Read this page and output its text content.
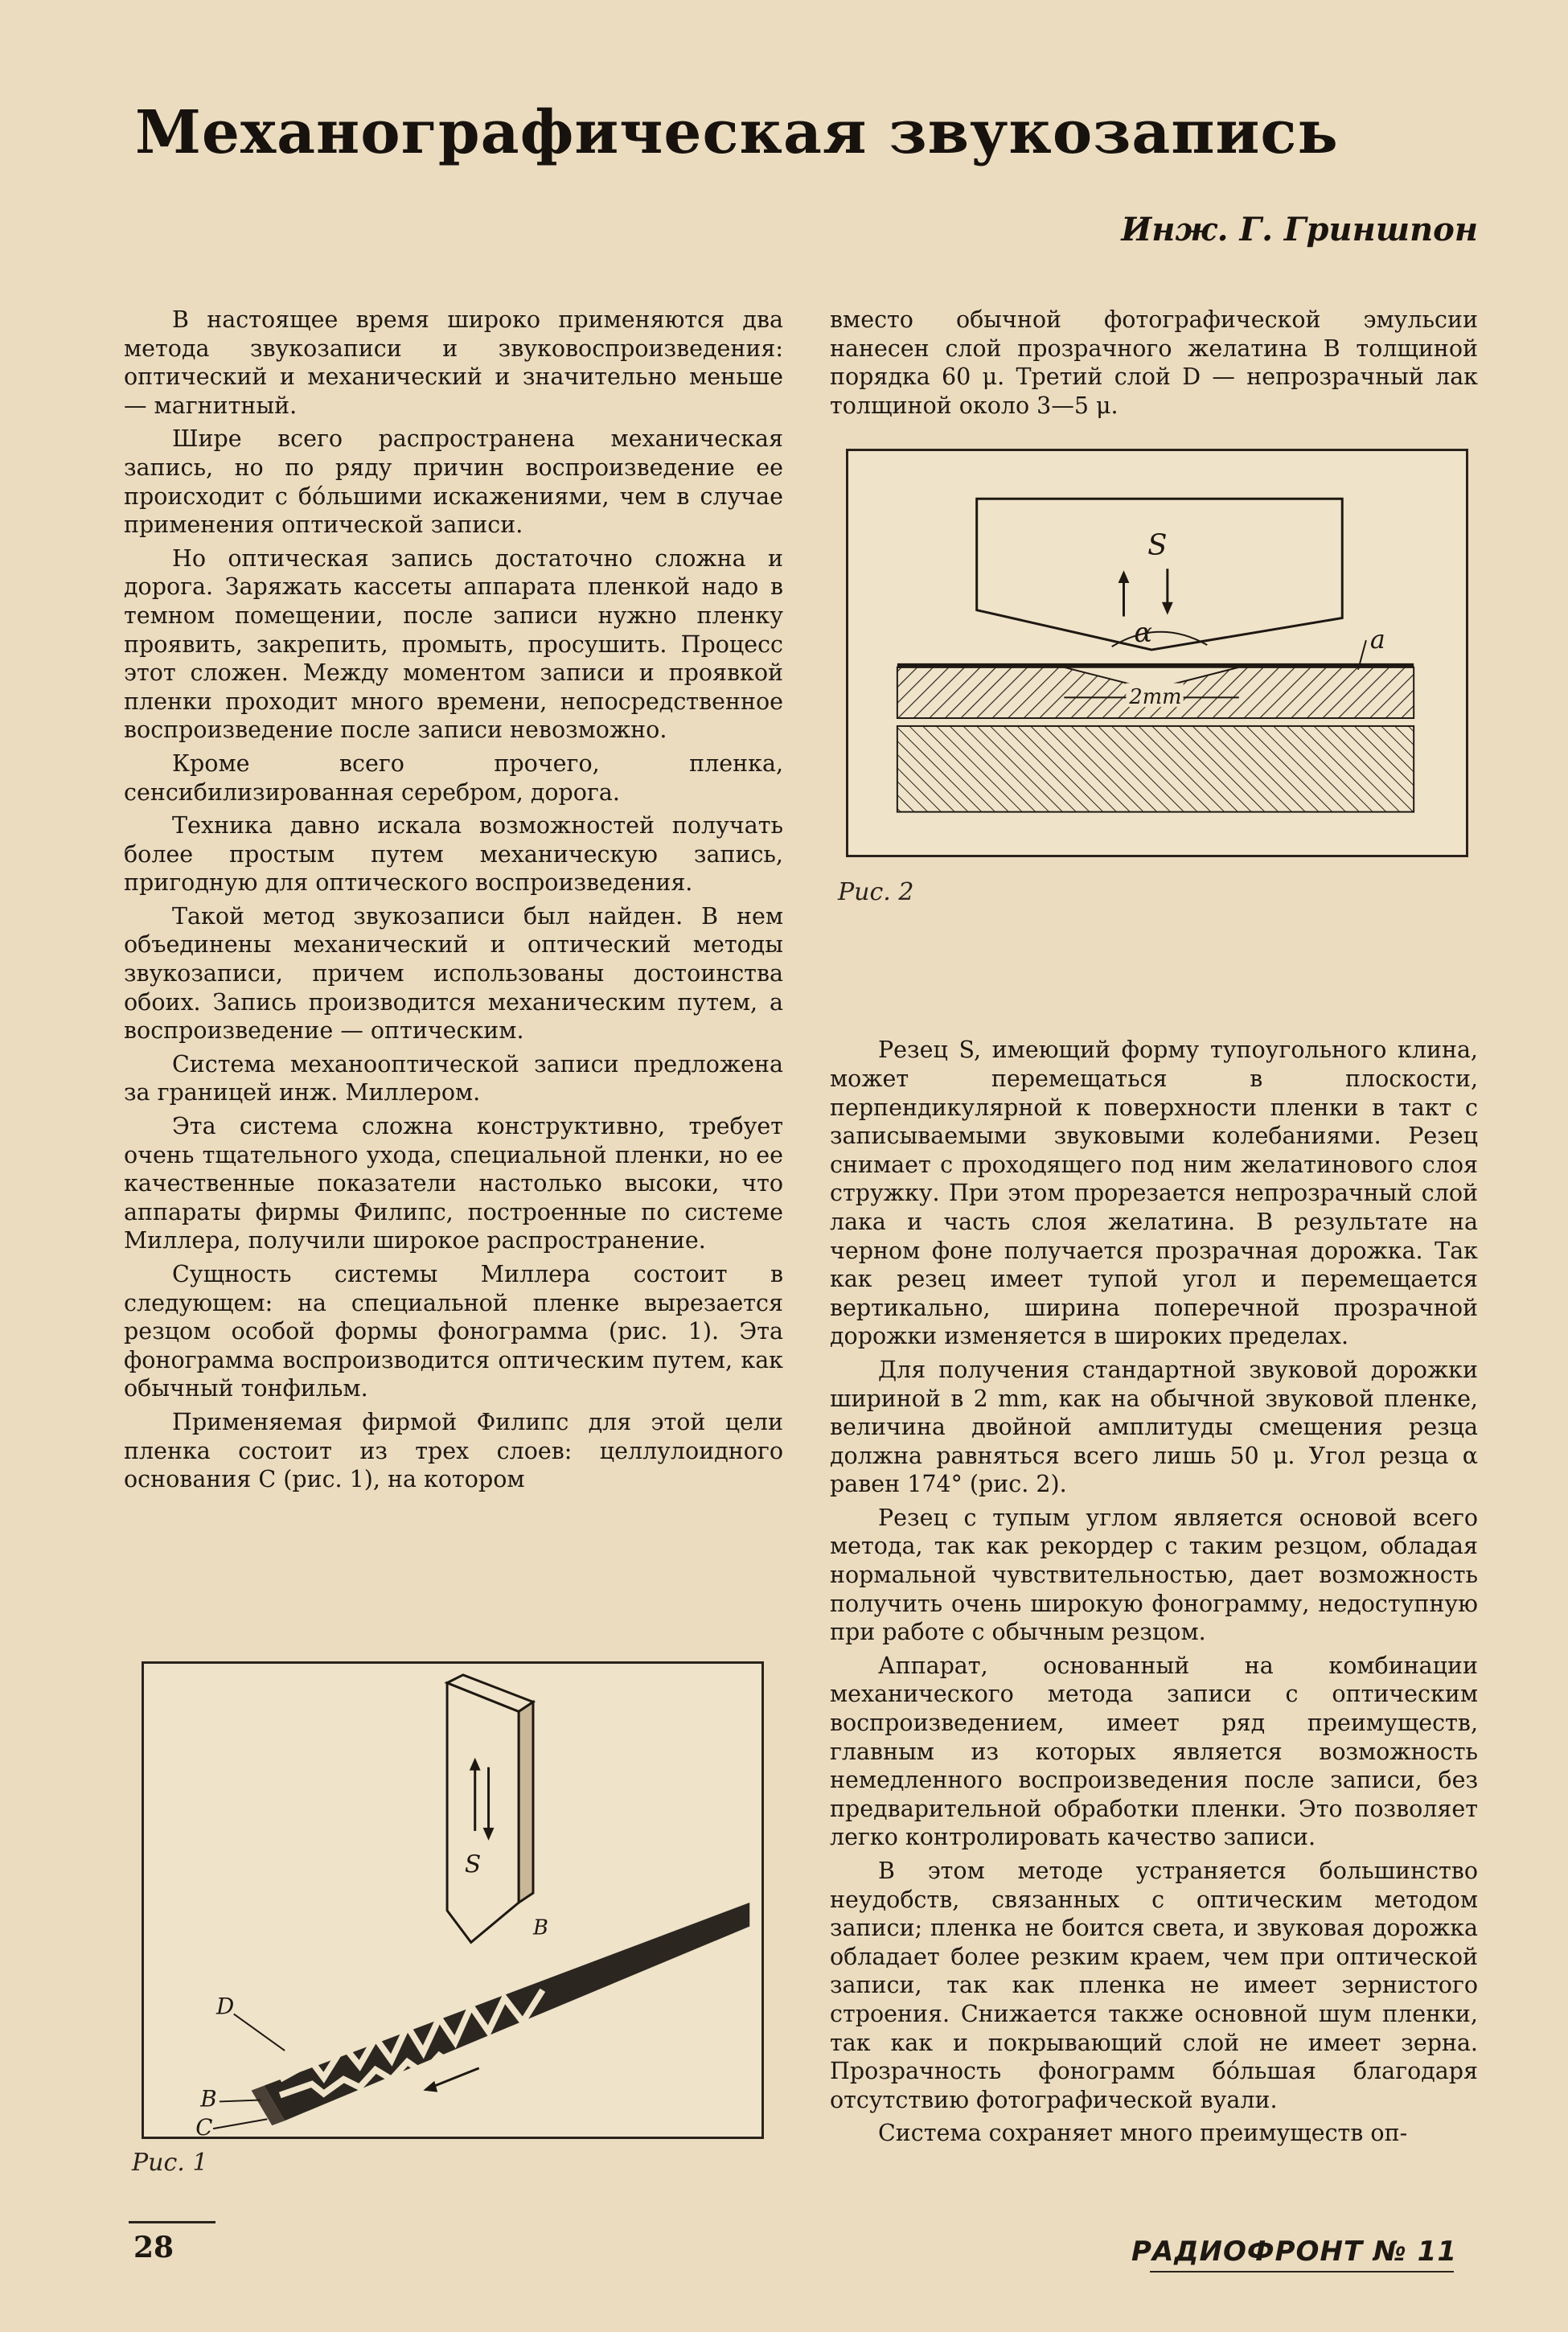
Механографическая звукозапись
Инж. Г. Гриншпон

В настоящее время широко применяются два метода звукозаписи и звуковоспроизведения: оптический и механический и значительно меньше — магнитный.

Шире всего распространена механическая запись, но по ряду причин воспроизведение ее происходит с бóльшими искажениями, чем в случае применения оптической записи.

Но оптическая запись достаточно сложна и дорога. Заряжать кассеты аппарата пленкой надо в темном помещении, после записи нужно пленку проявить, закрепить, промыть, просушить. Процесс этот сложен. Между моментом записи и проявкой пленки проходит много времени, непосредственное воспроизведение после записи невозможно.

Кроме всего прочего, пленка, сенсибилизированная серебром, дорога.

Техника давно искала возможностей получать более простым путем механическую запись, пригодную для оптического воспроизведения.

Такой метод звукозаписи был найден. В нем объединены механический и оптический методы звукозаписи, причем использованы достоинства обоих. Запись производится механическим путем, а воспроизведение — оптическим.

Система механооптической записи предложена за границей инж. Миллером.

Эта система сложна конструктивно, требует очень тщательного ухода, специальной пленки, но ее качественные показатели настолько высоки, что аппараты фирмы Филипс, построенные по системе Миллера, получили широкое распространение.

Сущность системы Миллера состоит в следующем: на специальной пленке вырезается резцом особой формы фонограмма (рис. 1). Эта фонограмма воспроизводится оптическим путем, как обычный тонфильм.

Применяемая фирмой Филипс для этой цели пленка состоит из трех слоев: целлулоидного основания C (рис. 1), на котором

вместо обычной фотографической эмульсии нанесен слой прозрачного желатина B толщиной порядка 60 μ. Третий слой D — непрозрачный лак толщиной около 3—5 μ.

Резец S, имеющий форму тупоугольного клина, может перемещаться в плоскости, перпендикулярной к поверхности пленки в такт с записываемыми звуковыми колебаниями. Резец снимает с проходящего под ним желатинового слоя стружку. При этом прорезается непрозрачный слой лака и часть слоя желатина. В результате на черном фоне получается прозрачная дорожка. Так как резец имеет тупой угол и перемещается вертикально, ширина поперечной прозрачной дорожки изменяется в широких пределах.

Для получения стандартной звуковой дорожки шириной в 2 mm, как на обычной звуковой пленке, величина двойной амплитуды смещения резца должна равняться всего лишь 50 μ. Угол резца α равен 174° (рис. 2).

Резец с тупым углом является основой всего метода, так как рекордер с таким резцом, обладая нормальной чувствительностью, дает возможность получить очень широкую фонограмму, недоступную при работе с обычным резцом.

Аппарат, основанный на комбинации механического метода записи с оптическим воспроизведением, имеет ряд преимуществ, главным из которых является возможность немедленного воспроизведения после записи, без предварительной обработки пленки. Это позволяет легко контролировать качество записи.

В этом методе устраняется большинство неудобств, связанных с оптическим методом записи; пленка не боится света, и звуковая дорожка обладает более резким краем, чем при оптической записи, так как пленка не имеет зернистого строения. Снижается также основной шум пленки, так как и покрывающий слой не имеет зерна. Прозрачность фонограмм бóльшая благодаря отсутствию фотографической вуали.

Система сохраняет много преимуществ оп-

S
α	a
2mm
Рис. 2
S
B
D
B
C
Рис. 1
28	РАДИОФРОНТ № 11
